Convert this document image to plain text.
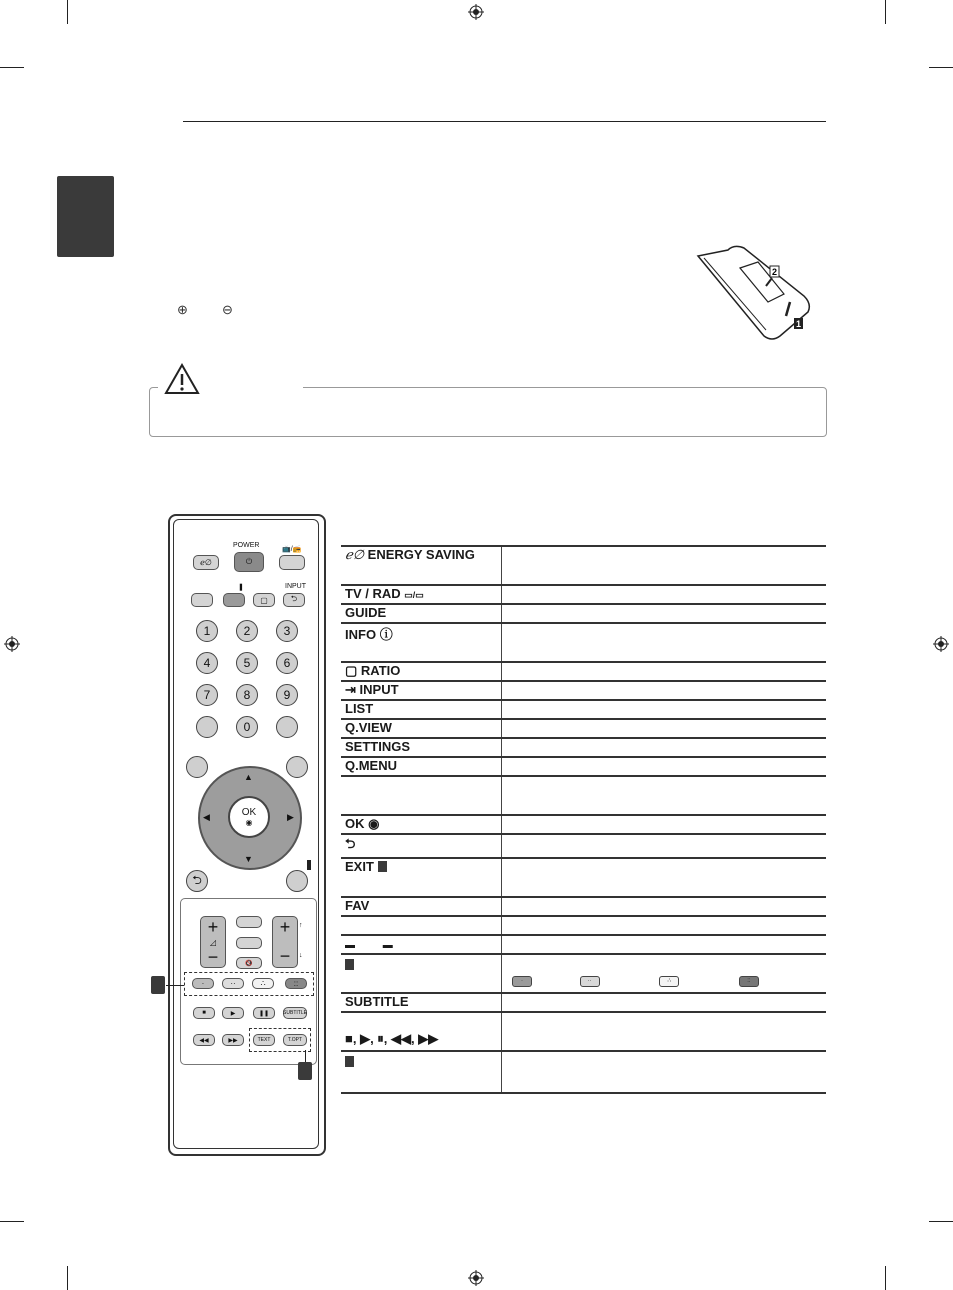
⊕	⊖
2
1
POWER
ℯ∅	⏻
📺/📻
❚	INPUT
▢	⮌
1	2	3
4	5	6
7	8	9
0
▲
▼
◀	▶
OK
◉
⮌
+
◿
−	🔇
+
−
↑
↓
·	··	∴	::
■	▶	❚❚	SUBTITLE
◀◀	▶▶	TEXT	T.OPT
ℯ∅ ENERGY SAVING	
TV / RAD ▭/▭	
GUIDE	
INFO ⓘ	
▢ RATIO	
⇥ INPUT	
LIST	
Q.VIEW	
SETTINGS	
Q.MENU	

OK ◉	
⮌	
EXIT	
FAV	

▬          ▬	
	· ·· ∴ ::
SUBTITLE	
■, ▶, ⏸, ◀◀, ▶▶	
